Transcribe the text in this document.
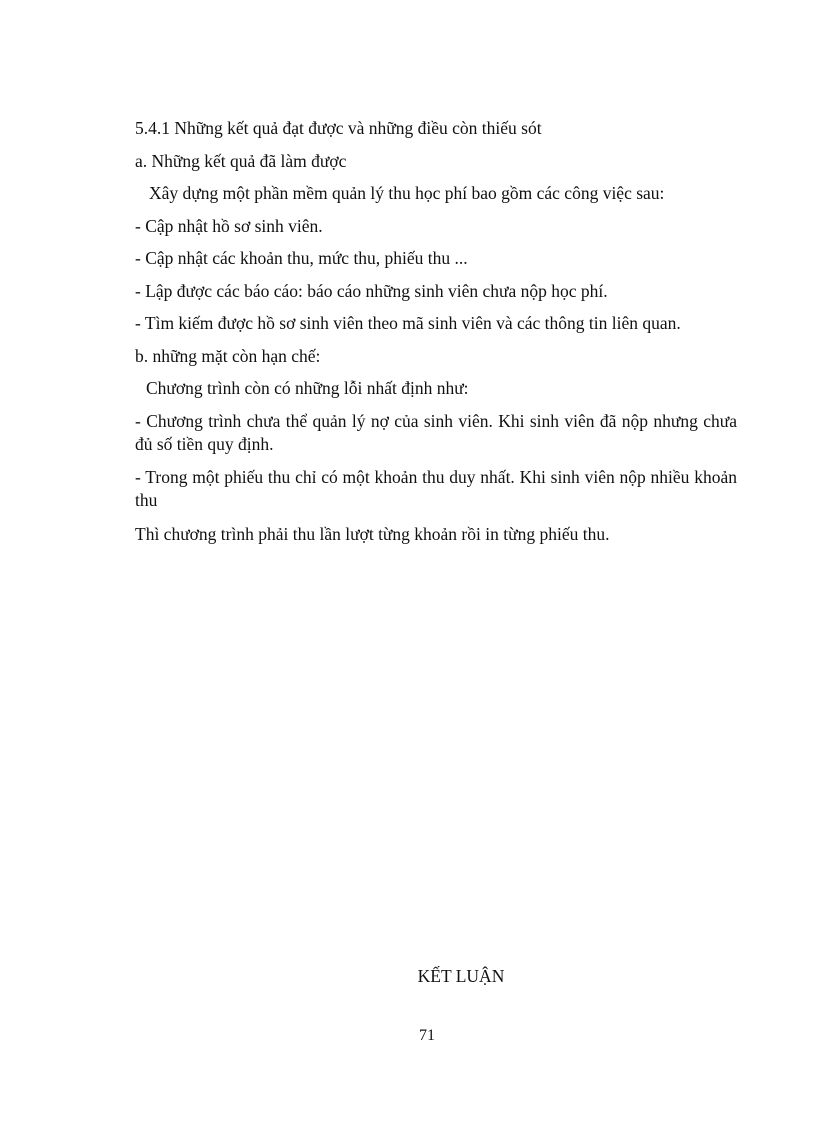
5.4.1 Những kết quả đạt được và những điều còn thiếu sót

a. Những kết quả đã làm được

Xây dựng một phần mềm quản lý thu học phí bao gồm các công việc sau:

- Cập nhật hồ sơ sinh viên.

- Cập nhật các khoản thu, mức thu, phiếu thu ...

- Lập được các báo cáo: báo cáo những sinh viên chưa nộp học phí.

- Tìm kiếm được hồ sơ sinh viên theo mã sinh viên và các thông tin liên quan.

b. những mặt còn hạn chế:

Chương trình còn có những lỗi nhất định như:

- Chương trình chưa thể quản lý nợ của sinh viên. Khi sinh viên đã nộp nhưng chưa đủ số tiền quy định.

- Trong một phiếu thu chỉ có một khoản thu duy nhất. Khi sinh viên nộp nhiều khoản thu

Thì chương trình phải thu lần lượt từng khoản rồi in từng phiếu thu.

KẾT LUẬN

71
